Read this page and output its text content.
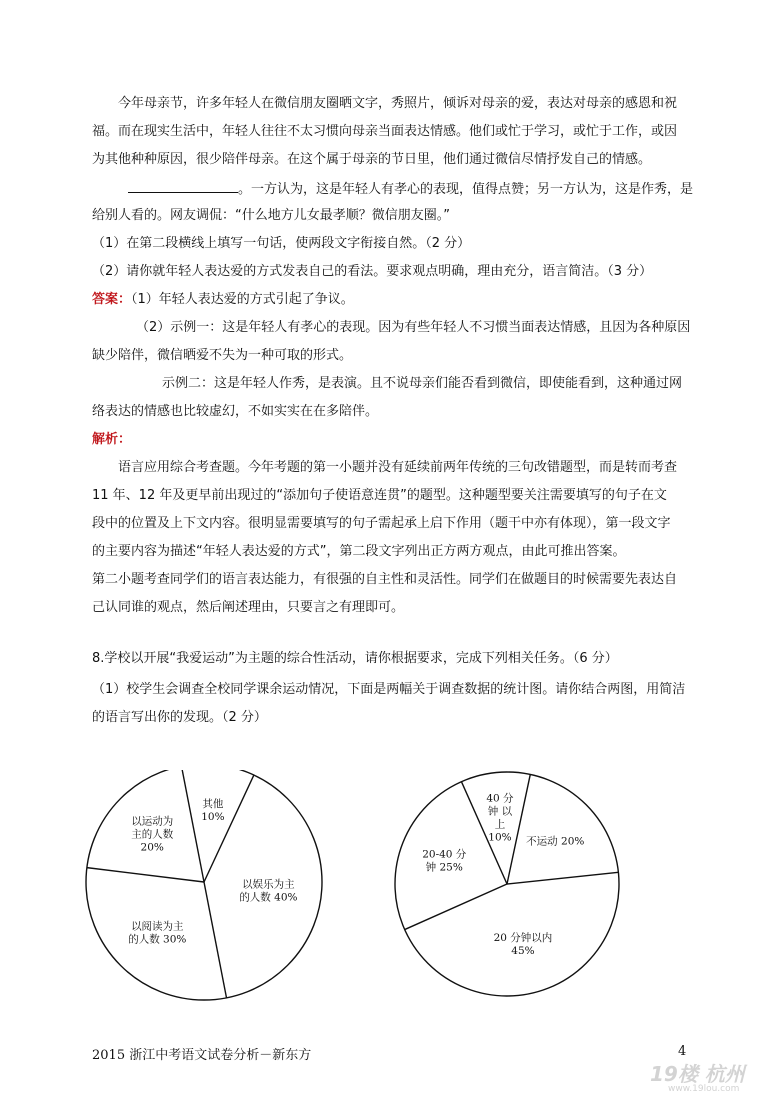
今年母亲节，许多年轻人在微信朋友圈晒文字，秀照片，倾诉对母亲的爱，表达对母亲的感恩和祝
福。而在现实生活中，年轻人往往不太习惯向母亲当面表达情感。他们或忙于学习，或忙于工作，或因
为其他种种原因，很少陪伴母亲。在这个属于母亲的节日里，他们通过微信尽情抒发自己的情感。
。一方认为，这是年轻人有孝心的表现，值得点赞；另一方认为，这是作秀，是
给别人看的。网友调侃：“什么地方儿女最孝顺？微信朋友圈。”
（1）在第二段横线上填写一句话，使两段文字衔接自然。（2 分）
（2）请你就年轻人表达爱的方式发表自己的看法。要求观点明确，理由充分，语言简洁。（3 分）
答案：（1）年轻人表达爱的方式引起了争议。
（2）示例一：这是年轻人有孝心的表现。因为有些年轻人不习惯当面表达情感，且因为各种原因
缺少陪伴，微信晒爱不失为一种可取的形式。
示例二：这是年轻人作秀，是表演。且不说母亲们能否看到微信，即使能看到，这种通过网
络表达的情感也比较虚幻，不如实实在在多陪伴。
解析：
语言应用综合考查题。今年考题的第一小题并没有延续前两年传统的三句改错题型，而是转而考查
11 年、12 年及更早前出现过的“添加句子使语意连贯”的题型。这种题型要关注需要填写的句子在文
段中的位置及上下文内容。很明显需要填写的句子需起承上启下作用（题干中亦有体现），第一段文字
的主要内容为描述“年轻人表达爱的方式”，第二段文字列出正方两方观点，由此可推出答案。
第二小题考查同学们的语言表达能力，有很强的自主性和灵活性。同学们在做题目的时候需要先表达自
己认同谁的观点，然后阐述理由，只要言之有理即可。
8.学校以开展“我爱运动”为主题的综合性活动，请你根据要求，完成下列相关任务。（6 分）
（1）校学生会调查全校同学课余运动情况，下面是两幅关于调查数据的统计图。请你结合两图，用简洁
的语言写出你的发现。（2 分）
以娱乐为主的人数 40%
以阅读为主的人数 30%
以运动为主的人数 20%
其他 10%
不运动 20%
20 分钟以内 45%
20-40 分钟 25%
40 分钟 以上 10%
2015 浙江中考语文试卷分析－新东方	4
19楼 杭州
www.19lou.com
